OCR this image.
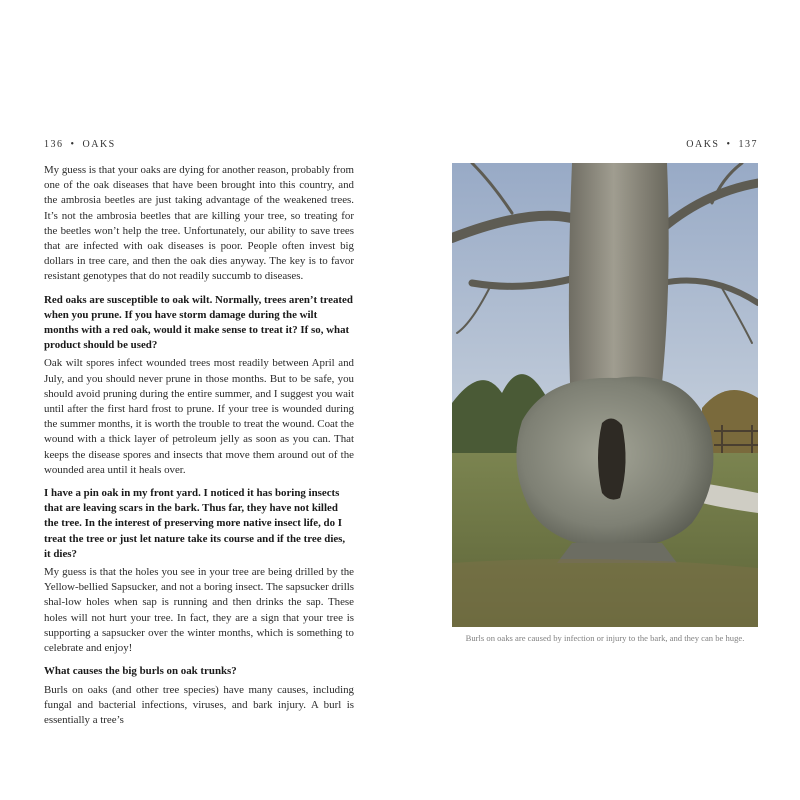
136 • OAKS

My guess is that your oaks are dying for another reason, probably from one of the oak diseases that have been brought into this country, and the ambrosia beetles are just taking advantage of the weakened trees. It’s not the ambrosia beetles that are killing your tree, so treating for the beetles won’t help the tree. Unfortunately, our ability to save trees that are infected with oak diseases is poor. People often invest big dollars in tree care, and then the oak dies anyway. The key is to favor resistant genotypes that do not readily succumb to diseases.

Red oaks are susceptible to oak wilt. Normally, trees aren’t treated when you prune. If you have storm damage during the wilt months with a red oak, would it make sense to treat it? If so, what product should be used?

Oak wilt spores infect wounded trees most readily between April and July, and you should never prune in those months. But to be safe, you should avoid pruning during the entire summer, and I suggest you wait until after the first hard frost to prune. If your tree is wounded during the summer months, it is worth the trouble to treat the wound. Coat the wound with a thick layer of petroleum jelly as soon as you can. That keeps the disease spores and insects that move them around out of the wounded area until it heals over.

I have a pin oak in my front yard. I noticed it has boring insects that are leaving scars in the bark. Thus far, they have not killed the tree. In the interest of preserving more native insect life, do I treat the tree or just let nature take its course and if the tree dies, it dies?

My guess is that the holes you see in your tree are being drilled by the Yellow-bellied Sapsucker, and not a boring insect. The sapsucker drills shal-low holes when sap is running and then drinks the sap. These holes will not hurt your tree. In fact, they are a sign that your tree is supporting a sapsucker over the winter months, which is something to celebrate and enjoy!

What causes the big burls on oak trunks?

Burls on oaks (and other tree species) have many causes, including fungal and bacterial infections, viruses, and bark injury. A burl is essentially a tree’s

OAKS • 137
Burls on oaks are caused by infection or injury to the bark, and they can be huge.
